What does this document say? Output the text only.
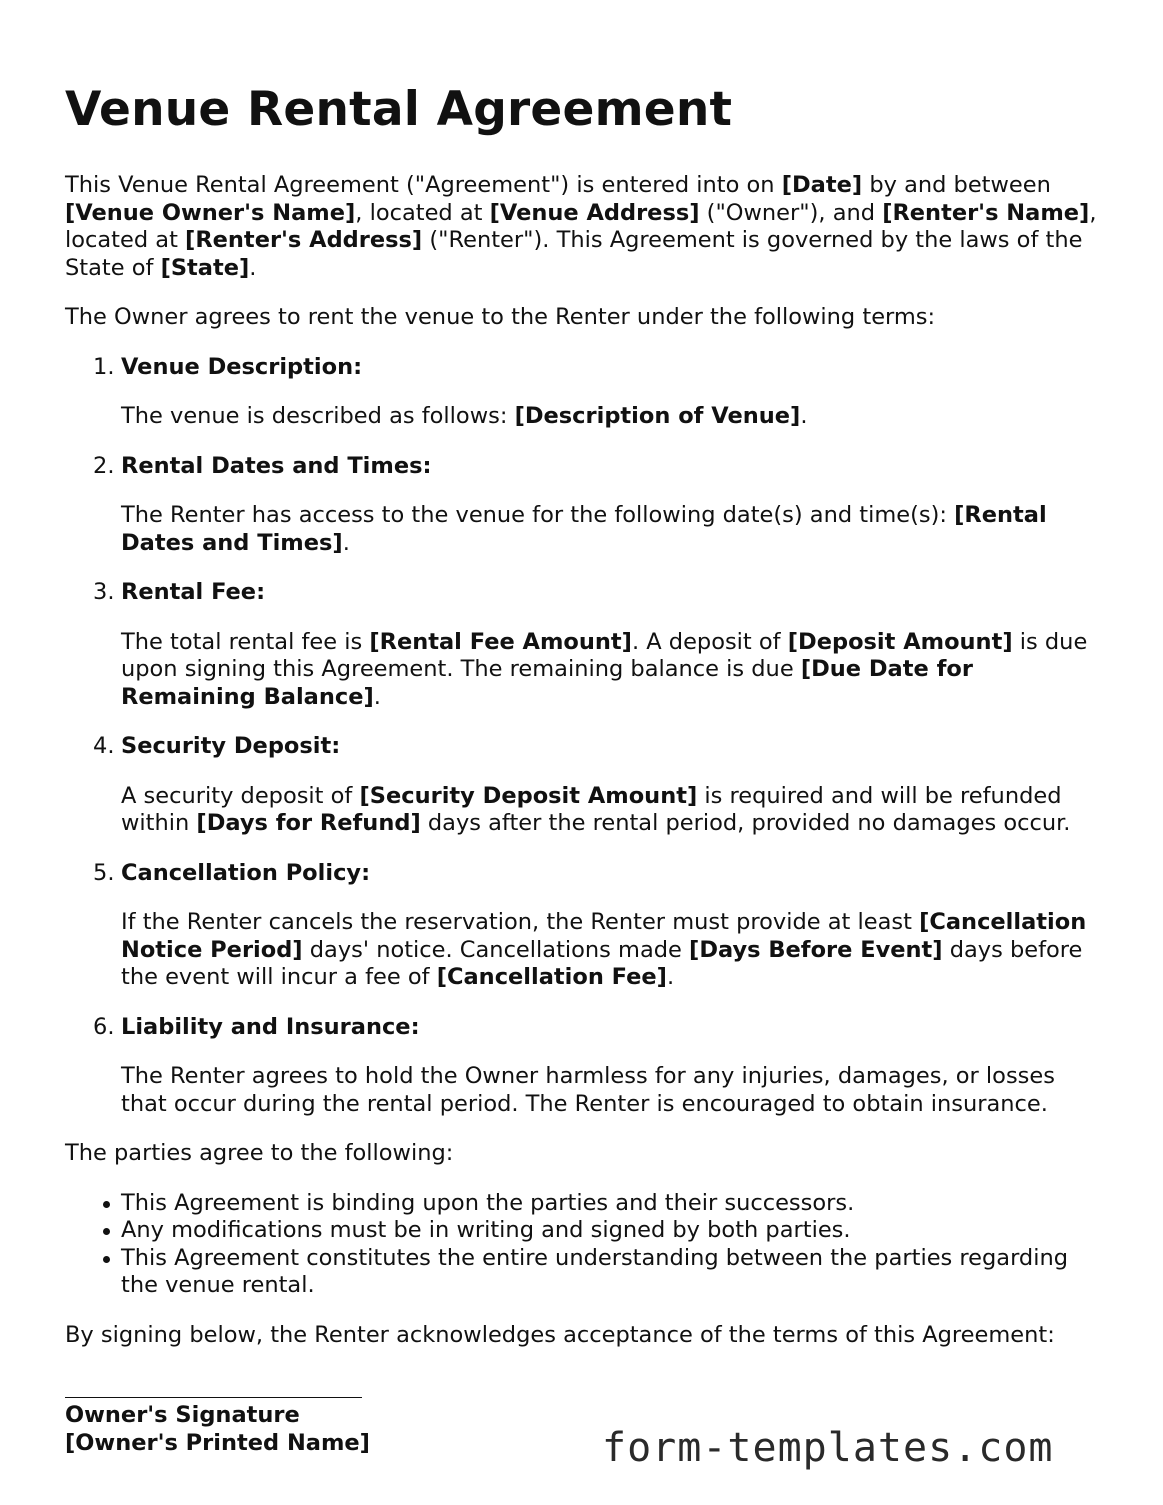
Venue Rental Agreement

This Venue Rental Agreement ("Agreement") is entered into on [Date] by and between [Venue Owner's Name], located at [Venue Address] ("Owner"), and [Renter's Name], located at [Renter's Address] ("Renter"). This Agreement is governed by the laws of the State of [State].

The Owner agrees to rent the venue to the Renter under the following terms:

1. Venue Description:

The venue is described as follows: [Description of Venue].

2. Rental Dates and Times:

The Renter has access to the venue for the following date(s) and time(s): [Rental Dates and Times].

3. Rental Fee:

The total rental fee is [Rental Fee Amount]. A deposit of [Deposit Amount] is due upon signing this Agreement. The remaining balance is due [Due Date for Remaining Balance].

4. Security Deposit:

A security deposit of [Security Deposit Amount] is required and will be refunded within [Days for Refund] days after the rental period, provided no damages occur.

5. Cancellation Policy:

If the Renter cancels the reservation, the Renter must provide at least [Cancellation Notice Period] days' notice. Cancellations made [Days Before Event] days before the event will incur a fee of [Cancellation Fee].

6. Liability and Insurance:

The Renter agrees to hold the Owner harmless for any injuries, damages, or losses that occur during the rental period. The Renter is encouraged to obtain insurance.

The parties agree to the following:

This Agreement is binding upon the parties and their successors.
Any modifications must be in writing and signed by both parties.
This Agreement constitutes the entire understanding between the parties regarding the venue rental.

By signing below, the Renter acknowledges acceptance of the terms of this Agreement:

Owner's Signature

[Owner's Printed Name]	form-templates.com
